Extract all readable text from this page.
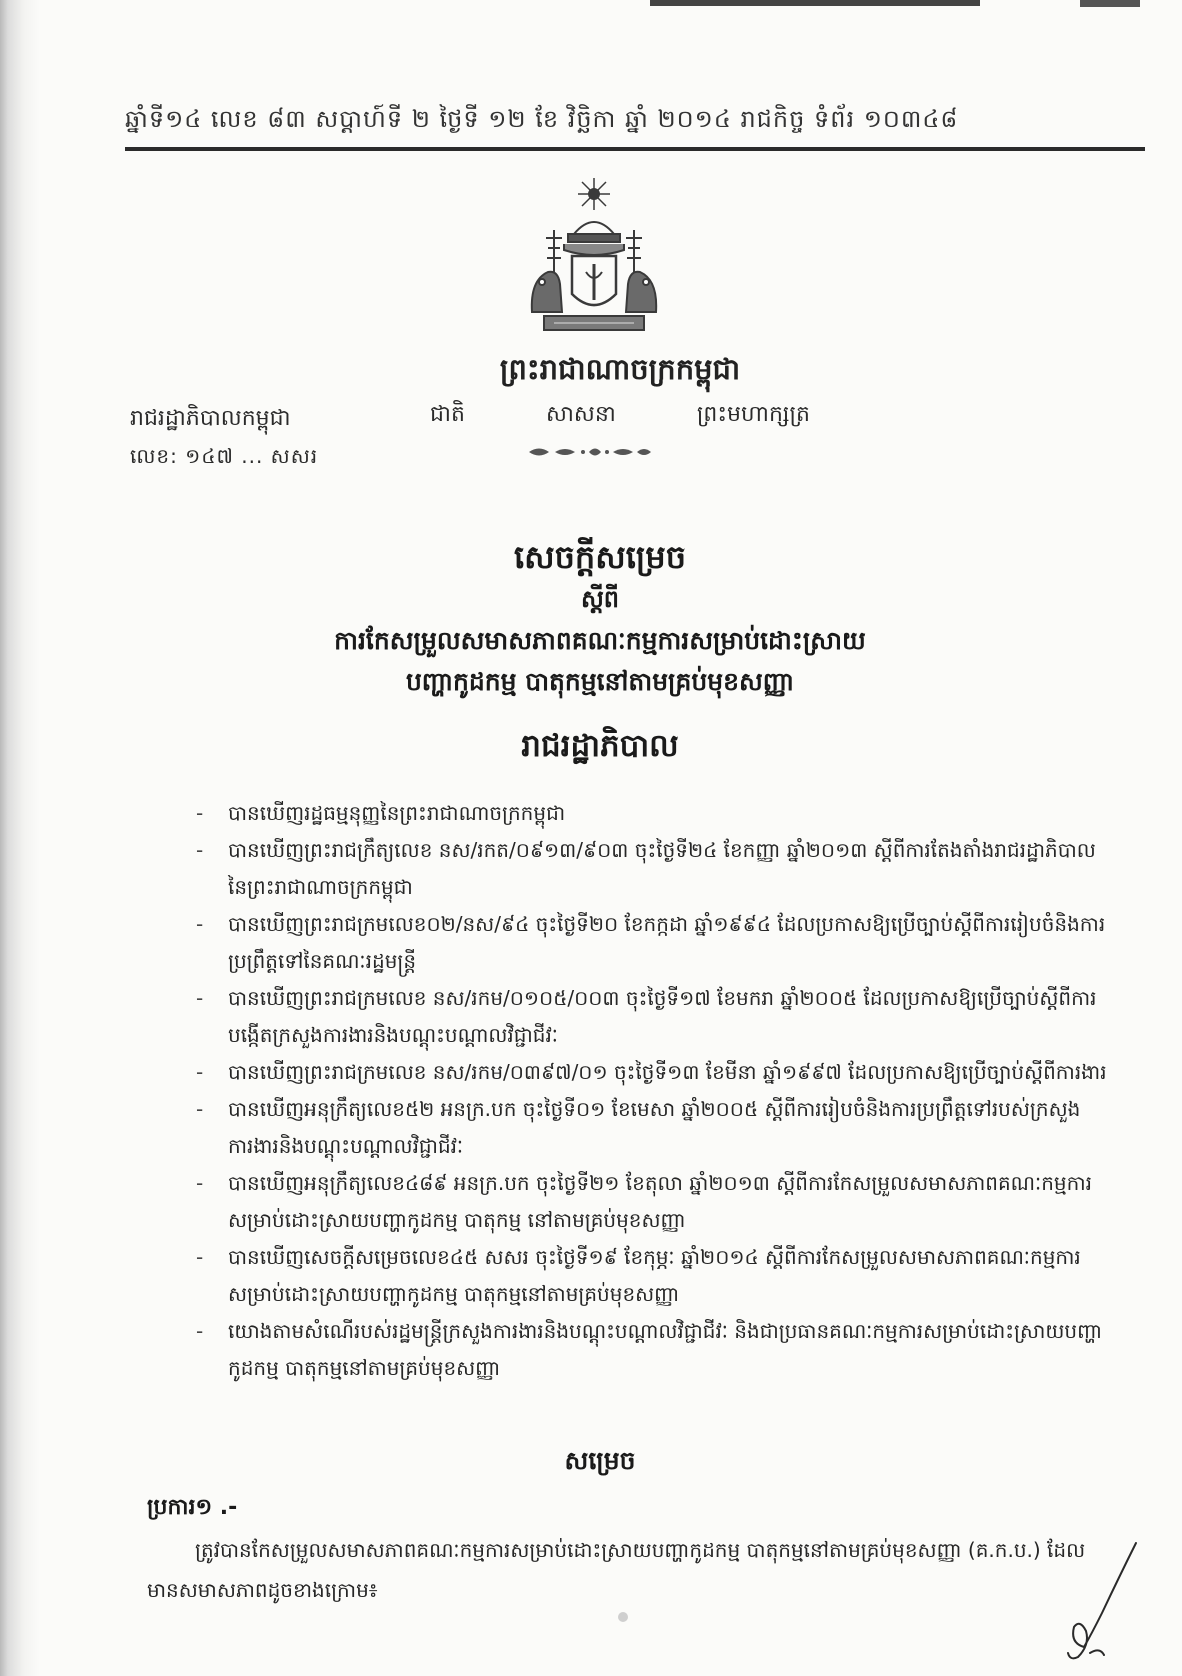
ឆ្នាំទី១៤ លេខ ៨៣ សប្តាហ៍ទី ២ ថ្ងៃទី ១២ ខែ វិច្ឆិកា ឆ្នាំ ២០១៤ រាជកិច្ច ទំព័រ ១០៣៤៨
ព្រះរាជាណាចក្រកម្ពុជា
ជាតិ	សាសនា	ព្រះមហាក្សត្រ
រាជរដ្ឋាភិបាលកម្ពុជា
លេខ: ១៤៧ ... សសរ
សេចក្តីសម្រេច
ស្តីពី
ការកែសម្រួលសមាសភាពគណៈកម្មការសម្រាប់ដោះស្រាយ
បញ្ហាកូដកម្ម បាតុកម្មនៅតាមគ្រប់មុខសញ្ញា
រាជរដ្ឋាភិបាល
- បានឃើញរដ្ឋធម្មនុញ្ញនៃព្រះរាជាណាចក្រកម្ពុជា
- បានឃើញព្រះរាជក្រឹត្យលេខ នស/រកត/០៩១៣/៩០៣ ចុះថ្ងៃទី២៤ ខែកញ្ញា ឆ្នាំ២០១៣ ស្តីពីការតែងតាំងរាជរដ្ឋាភិបាលនៃព្រះរាជាណាចក្រកម្ពុជា
- បានឃើញព្រះរាជក្រមលេខ០២/នស/៩៤ ចុះថ្ងៃទី២០ ខែកក្កដា ឆ្នាំ១៩៩៤ ដែលប្រកាសឱ្យប្រើច្បាប់ស្តីពីការរៀបចំនិងការប្រព្រឹត្តទៅនៃគណៈរដ្ឋមន្ត្រី
- បានឃើញព្រះរាជក្រមលេខ នស/រកម/០១០៥/០០៣ ចុះថ្ងៃទី១៧ ខែមករា ឆ្នាំ២០០៥ ដែលប្រកាសឱ្យប្រើច្បាប់ស្តីពីការបង្កើតក្រសួងការងារនិងបណ្តុះបណ្តាលវិជ្ជាជីវៈ
- បានឃើញព្រះរាជក្រមលេខ នស/រកម/០៣៩៧/០១ ចុះថ្ងៃទី១៣ ខែមីនា ឆ្នាំ១៩៩៧ ដែលប្រកាសឱ្យប្រើច្បាប់ស្តីពីការងារ
- បានឃើញអនុក្រឹត្យលេខ៥២ អនក្រ.បក ចុះថ្ងៃទី០១ ខែមេសា ឆ្នាំ២០០៥ ស្តីពីការរៀបចំនិងការប្រព្រឹត្តទៅរបស់ក្រសួងការងារនិងបណ្តុះបណ្តាលវិជ្ជាជីវៈ
- បានឃើញអនុក្រឹត្យលេខ៤៨៩ អនក្រ.បក ចុះថ្ងៃទី២១ ខែតុលា ឆ្នាំ២០១៣ ស្តីពីការកែសម្រួលសមាសភាពគណៈកម្មការសម្រាប់ដោះស្រាយបញ្ហាកូដកម្ម បាតុកម្ម នៅតាមគ្រប់មុខសញ្ញា
- បានឃើញសេចក្តីសម្រេចលេខ៤៥ សសរ ចុះថ្ងៃទី១៩ ខែកុម្ភៈ ឆ្នាំ២០១៤ ស្តីពីការកែសម្រួលសមាសភាពគណៈកម្មការសម្រាប់ដោះស្រាយបញ្ហាកូដកម្ម បាតុកម្មនៅតាមគ្រប់មុខសញ្ញា
- យោងតាមសំណើរបស់រដ្ឋមន្ត្រីក្រសួងការងារនិងបណ្តុះបណ្តាលវិជ្ជាជីវៈ និងជាប្រធានគណៈកម្មការសម្រាប់ដោះស្រាយបញ្ហាកូដកម្ម បាតុកម្មនៅតាមគ្រប់មុខសញ្ញា
សម្រេច
ប្រការ១ .-
ត្រូវបានកែសម្រួលសមាសភាពគណៈកម្មការសម្រាប់ដោះស្រាយបញ្ហាកូដកម្ម បាតុកម្មនៅតាមគ្រប់មុខសញ្ញា (គ.ក.ប.) ដែលមានសមាសភាពដូចខាងក្រោម៖
